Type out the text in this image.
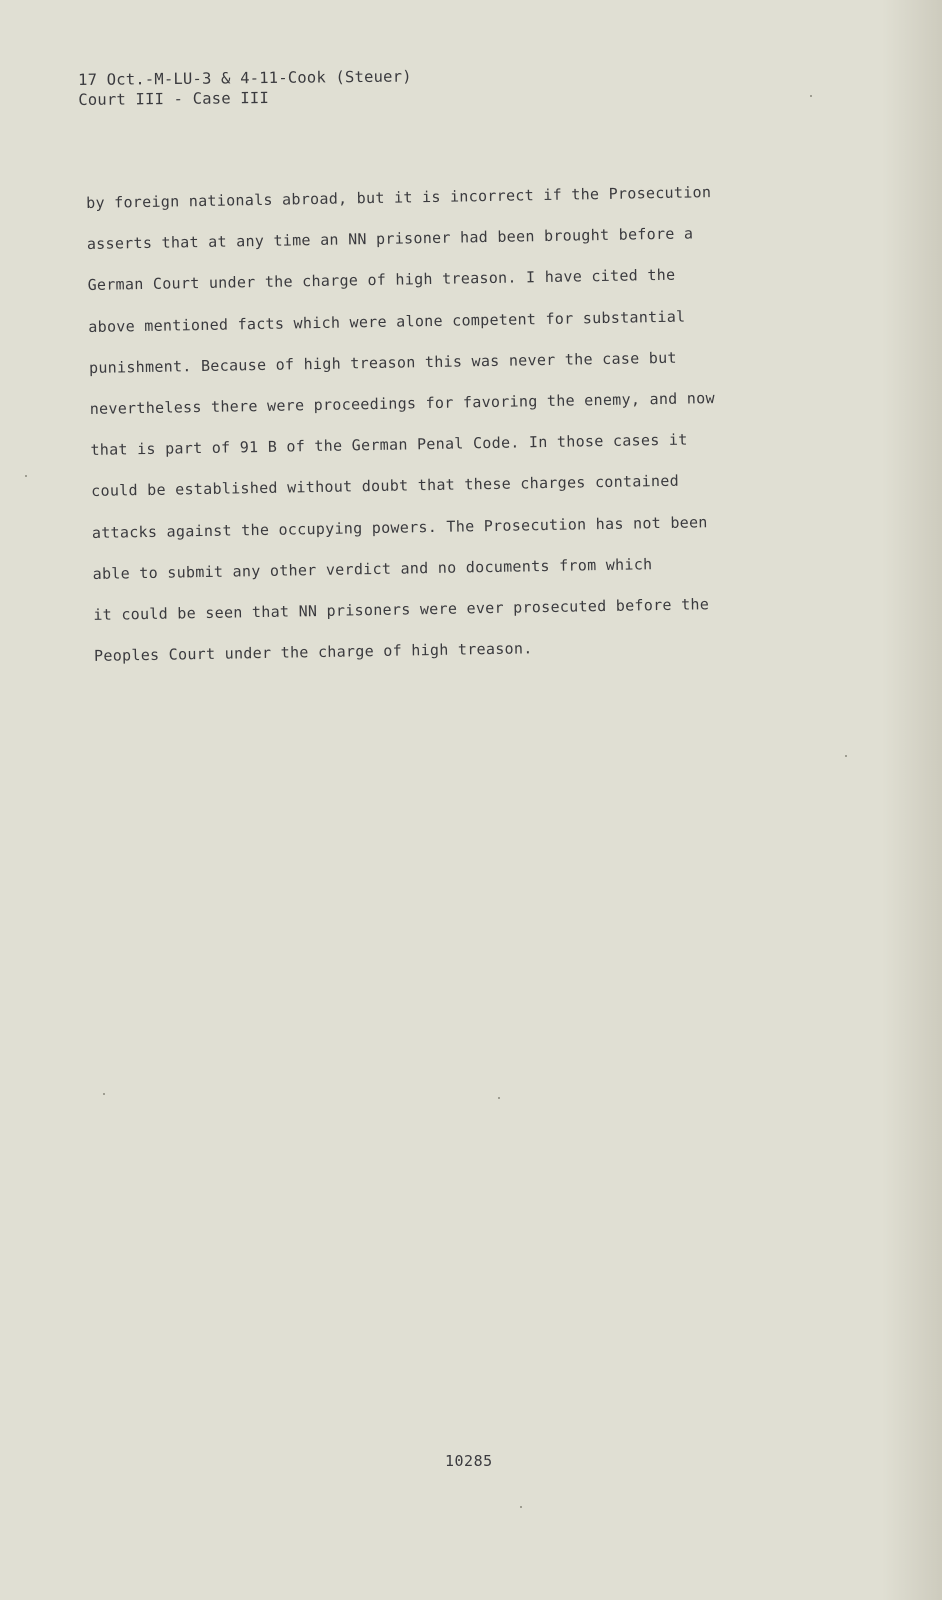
17 Oct.-M-LU-3 & 4-11-Cook (Steuer)
Court III - Case III
by foreign nationals abroad, but it is incorrect if the Prosecution
asserts that at any time an NN prisoner had been brought before a
German Court under the charge of high treason. I have cited the
above mentioned facts which were alone competent for substantial
punishment. Because of high treason this was never the case but
nevertheless there were proceedings for favoring the enemy, and now
that is part of 91 B of the German Penal Code. In those cases it
could be established without doubt that these charges contained
attacks against the occupying powers. The Prosecution has not been
able to submit any other verdict and no documents from which
it could be seen that NN prisoners were ever prosecuted before the
Peoples Court under the charge of high treason.
10285
